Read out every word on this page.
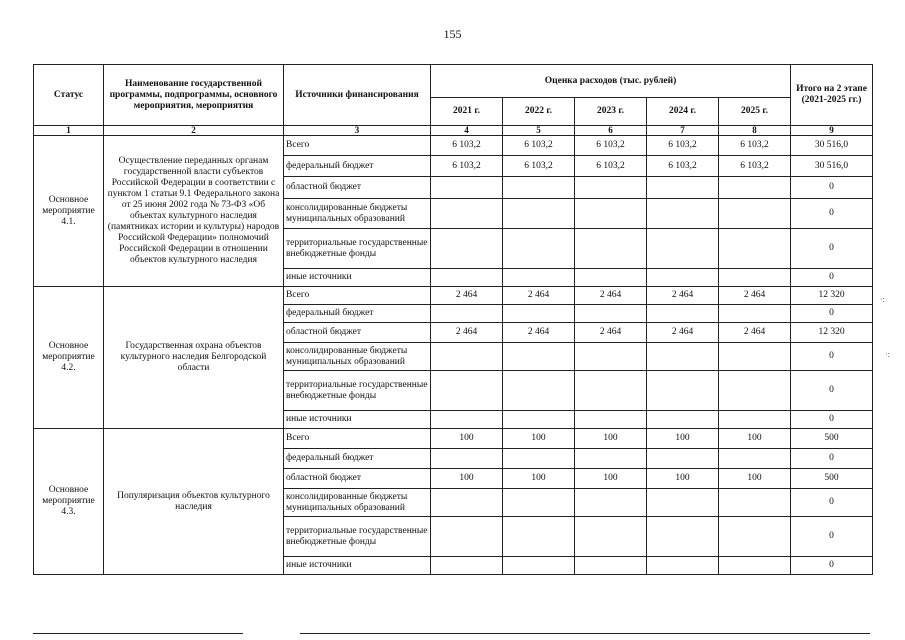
155
Статус	Наименование государственной программы, подпрограммы, основного мероприятия, мероприятия	Источники финансирования	Оценка расходов (тыс. рублей)					Итого на 2 этапе (2021-2025 гг.)
			2021 г.	2022 г.	2023 г.	2024 г.	2025 г.	
1	2	3	4	5	6	7	8	9
Основное мероприятие 4.1.	Осуществление переданных органам государственной власти субъектов Российской Федерации в соответствии с пунктом 1 статьи 9.1 Федерального закона от 25 июня 2002 года № 73-ФЗ «Об объектах культурного наследия (памятниках истории и культуры) народов Российской Федерации» полномочий Российской Федерации в отношении объектов культурного наследия	Всего	6 103,2	6 103,2	6 103,2	6 103,2	6 103,2	30 516,0
		федеральный бюджет	6 103,2	6 103,2	6 103,2	6 103,2	6 103,2	30 516,0
		областной бюджет						0
		консолидированные бюджеты муниципальных образований						0
		территориальные государственные внебюджетные фонды						0
		иные источники						0
Основное мероприятие 4.2.	Государственная охрана объектов культурного наследия Белгородской области	Всего	2 464	2 464	2 464	2 464	2 464	12 320
		федеральный бюджет						0
		областной бюджет	2 464	2 464	2 464	2 464	2 464	12 320
		консолидированные бюджеты муниципальных образований						0
		территориальные государственные внебюджетные фонды						0
		иные источники						0
Основное мероприятие 4.3.	Популяризация объектов культурного наследия	Всего	100	100	100	100	100	500
		федеральный бюджет						0
		областной бюджет	100	100	100	100	100	500
		консолидированные бюджеты муниципальных образований						0
		территориальные государственные внебюджетные фонды						0
		иные источники						0
·:
·:
